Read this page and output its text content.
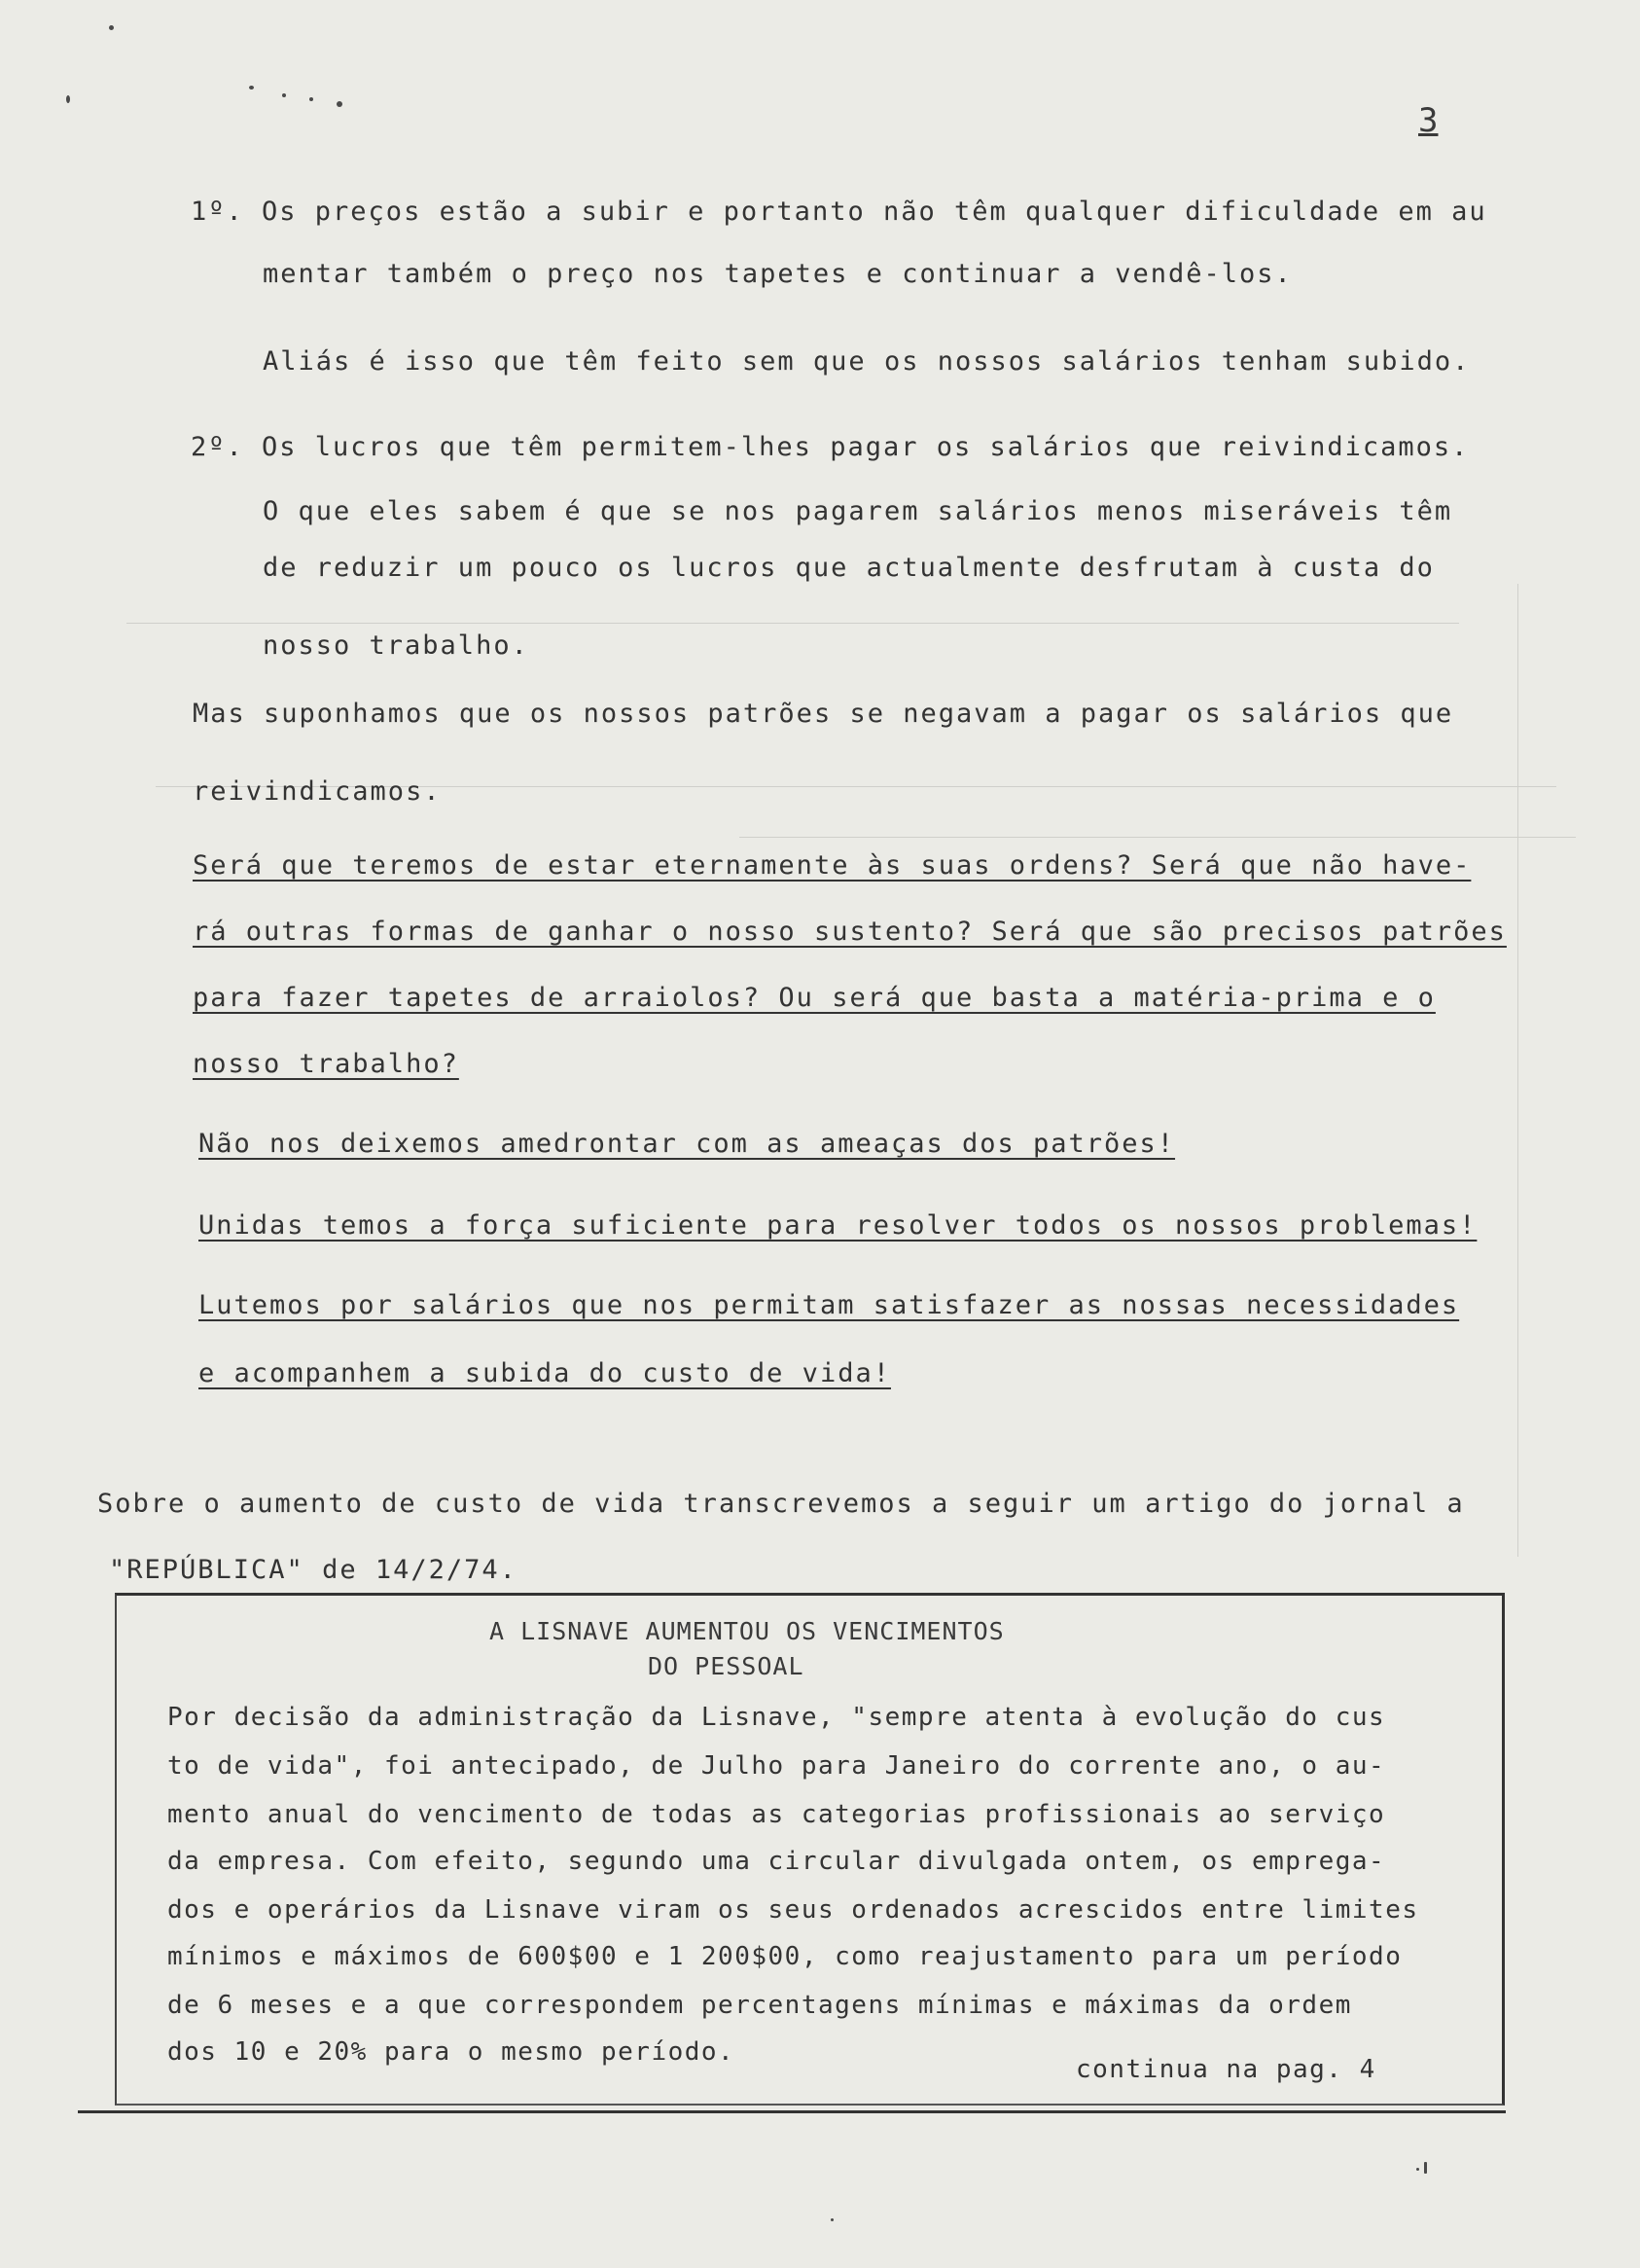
3
1º. Os preços estão a subir e portanto não têm qualquer dificuldade em au
mentar também o preço nos tapetes e continuar a vendê-los.
Aliás é isso que têm feito sem que os nossos salários tenham subido.
2º. Os lucros que têm permitem-lhes pagar os salários que reivindicamos.
O que eles sabem é que se nos pagarem salários menos miseráveis têm
de reduzir um pouco os lucros que actualmente desfrutam à custa do
nosso trabalho.
Mas suponhamos que os nossos patrões se negavam a pagar os salários que
reivindicamos.
Será que teremos de estar eternamente às suas ordens? Será que não have-
rá outras formas de ganhar o nosso sustento? Será que são precisos patrões
para fazer tapetes de arraiolos? Ou será que basta a matéria-prima e o
nosso trabalho?
Não nos deixemos amedrontar com as ameaças dos patrões!
Unidas temos a força suficiente para resolver todos os nossos problemas!
Lutemos por salários que nos permitam satisfazer as nossas necessidades
e acompanhem a subida do custo de vida!
Sobre o aumento de custo de vida transcrevemos a seguir um artigo do jornal a
"REPÚBLICA" de 14/2/74.
A LISNAVE AUMENTOU OS VENCIMENTOS
DO PESSOAL
Por decisão da administração da Lisnave, "sempre atenta à evolução do cus
to de vida", foi antecipado, de Julho para Janeiro do corrente ano, o au-
mento anual do vencimento de todas as categorias profissionais ao serviço
da empresa. Com efeito, segundo uma circular divulgada ontem, os emprega-
dos e operários da Lisnave viram os seus ordenados acrescidos entre limites
mínimos e máximos de 600$00 e 1 200$00, como reajustamento para um período
de 6 meses e a que correspondem percentagens mínimas e máximas da ordem
dos 10 e 20% para o mesmo período.
continua na pag. 4
